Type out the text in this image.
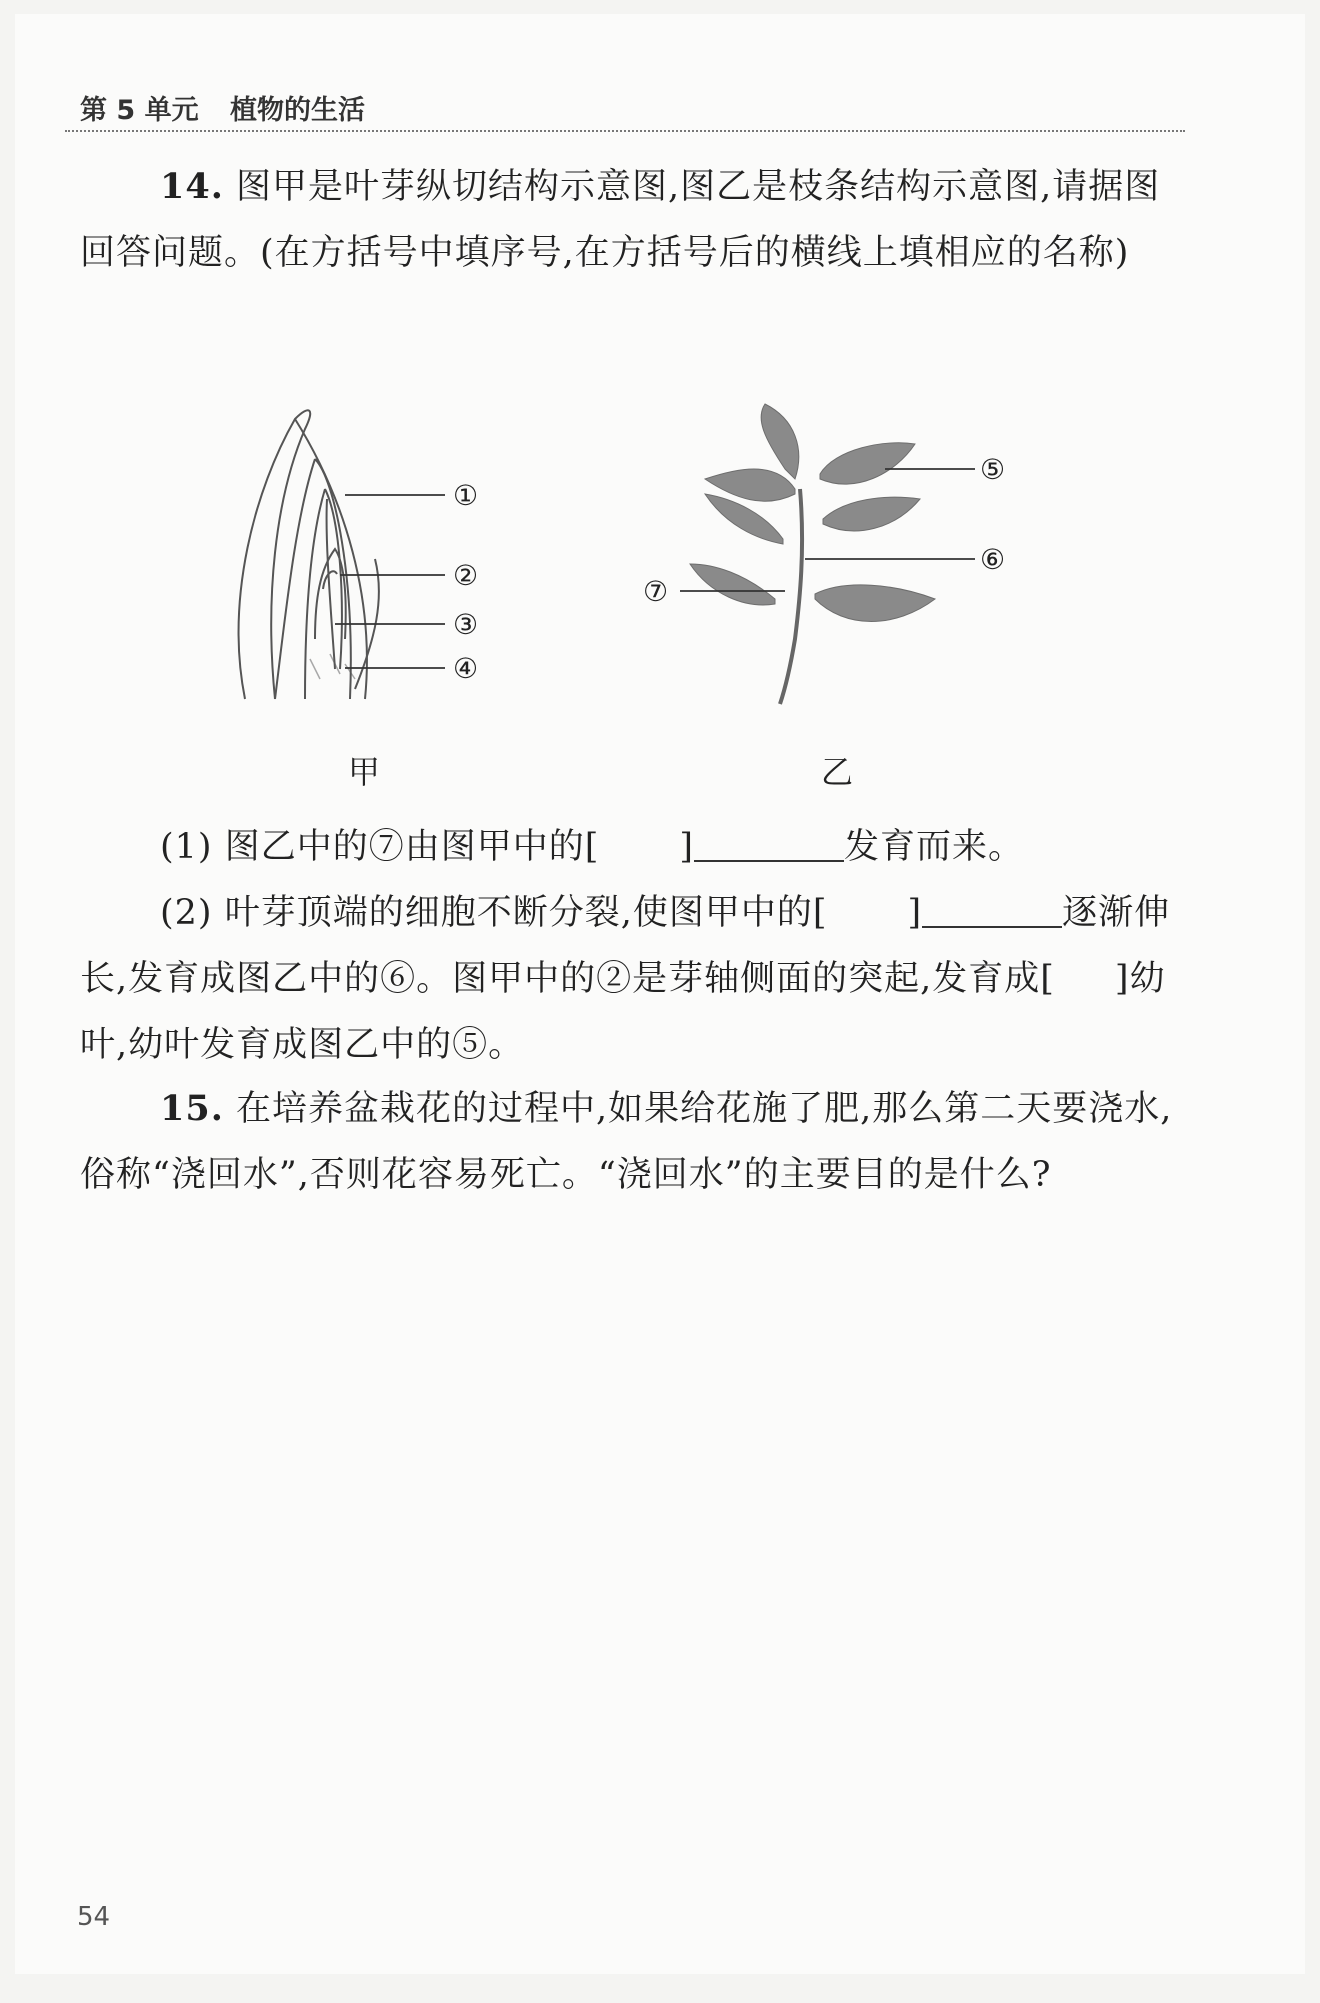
第 5 单元 植物的生活
14. 图甲是叶芽纵切结构示意图,图乙是枝条结构示意图,请据图回答问题。(在方括号中填序号,在方括号后的横线上填相应的名称)
①
②
③
④
甲
⑤
⑥
⑦
乙
(1) 图乙中的⑦由图甲中的[ ]	发育而来。
(2) 叶芽顶端的细胞不断分裂,使图甲中的[ ]	逐渐伸长,发育成图乙中的⑥。图甲中的②是芽轴侧面的突起,发育成[ ]幼叶,幼叶发育成图乙中的⑤。
15. 在培养盆栽花的过程中,如果给花施了肥,那么第二天要浇水,俗称“浇回水”,否则花容易死亡。“浇回水”的主要目的是什么?
54
